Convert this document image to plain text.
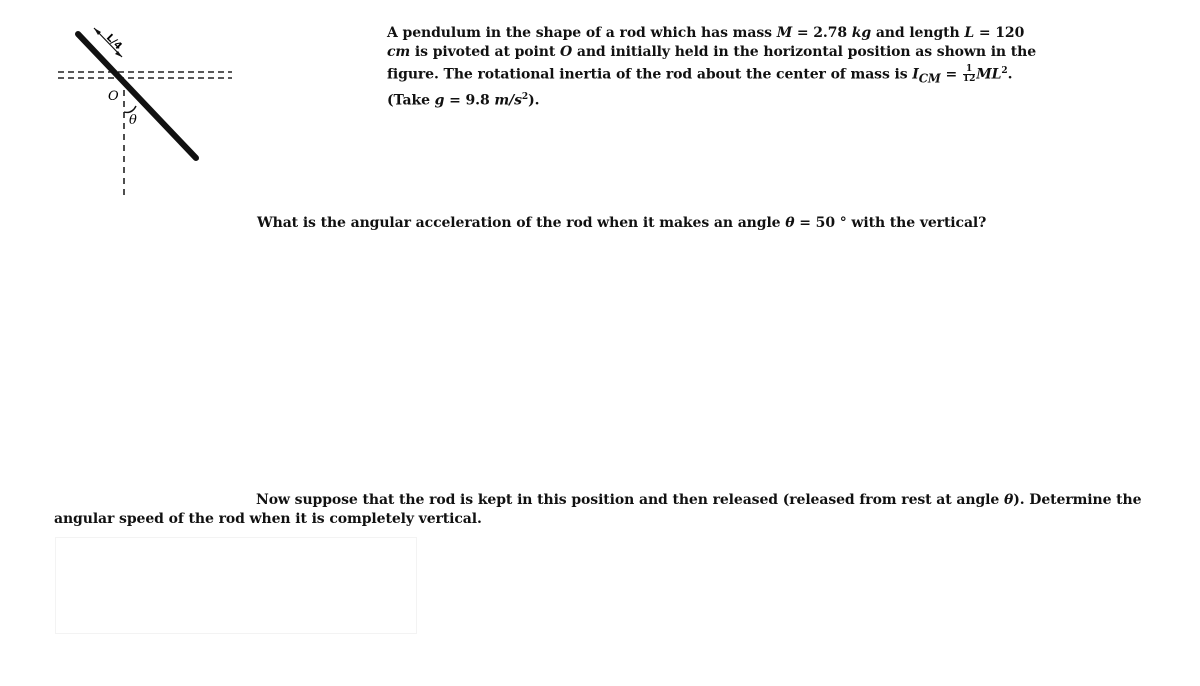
L/4
θ
O
A pendulum in the shape of a rod which has mass M = 2.78 kg and length L = 120 cm is pivoted at point O and initially held in the horizontal position as shown in the figure. The rotational inertia of the rod about the center of mass is $I_{CM} = \frac{1}{12} ML^2$. (Take g = 9.8 $m/s^2$).
What is the angular acceleration of the rod when it makes an angle θ = 50 ° with the vertical?
Now suppose that the rod is kept in this position and then released (released from rest at angle θ). Determine the angular speed of the rod when it is completely vertical.
